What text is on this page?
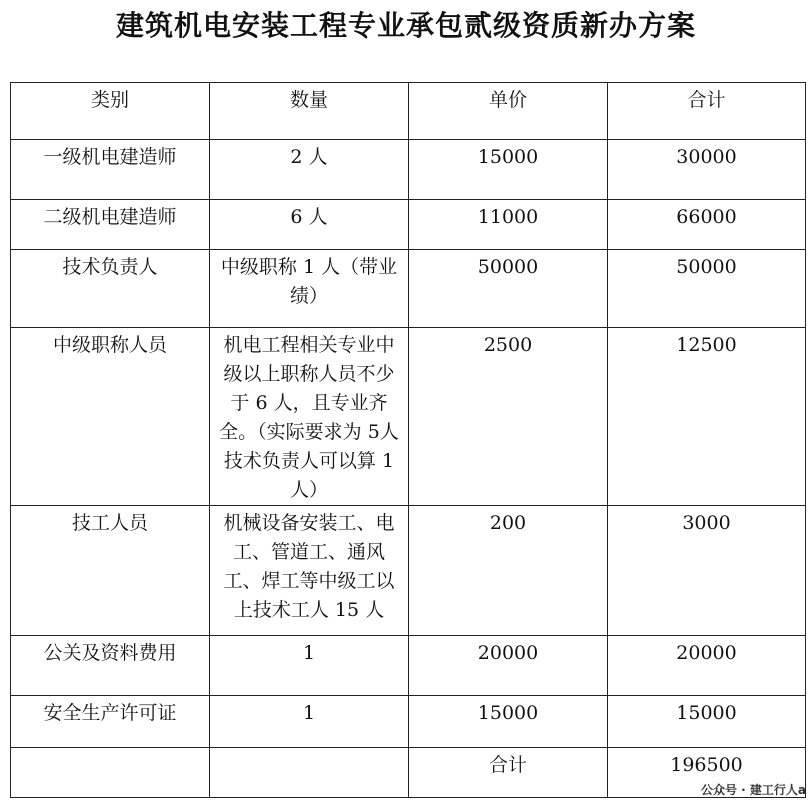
建筑机电安装工程专业承包贰级资质新办方案
类别	数量	单价	合计
一级机电建造师	2 人	15000	30000
二级机电建造师	6 人	11000	66000
技术负责人	中级职称 1 人（带业绩）	50000	50000
中级职称人员	机电工程相关专业中级以上职称人员不少于 6 人，且专业齐全。（实际要求为 5人技术负责人可以算 1 人）	2500	12500
技工人员	机械设备安装工、电工、管道工、通风工、焊工等中级工以上技术工人 15 人	200	3000
公关及资料费用	1	20000	20000
安全生产许可证	1	15000	15000
		合计	196500
公众号 · 建工行人a
